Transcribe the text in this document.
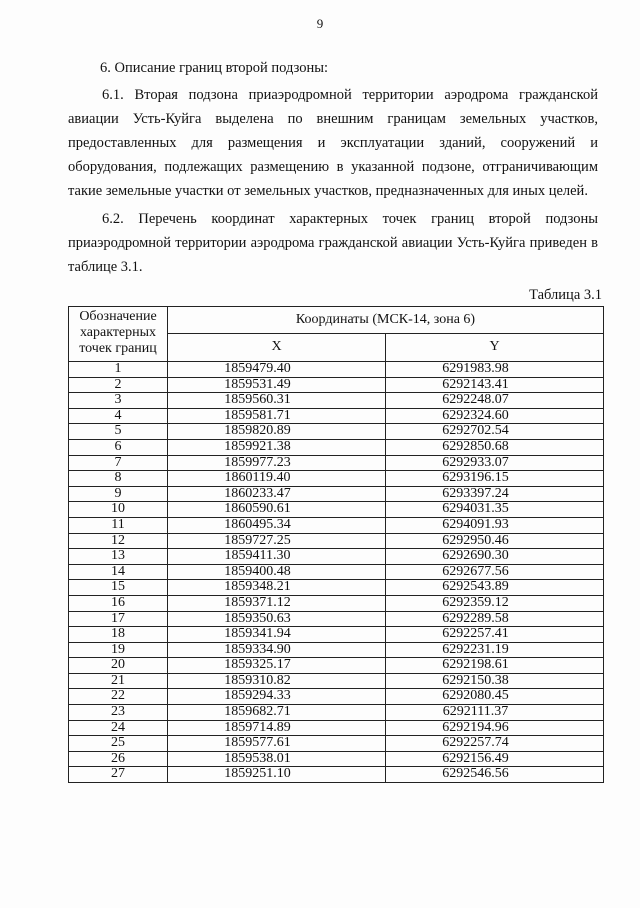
9
6. Описание границ второй подзоны:
6.1. Вторая подзона приаэродромной территории аэродрома гражданской авиации Усть-Куйга выделена по внешним границам земельных участков, предоставленных для размещения и эксплуатации зданий, сооружений и оборудования, подлежащих размещению в указанной подзоне, отграничивающим такие земельные участки от земельных участков, предназначенных для иных целей.
6.2. Перечень координат характерных точек границ второй подзоны приаэродромной территории аэродрома гражданской авиации Усть-Куйга приведен в таблице 3.1.
Таблица 3.1
Обозначение характерных точек границ	Координаты (МСК-14, зона 6)	
	X	Y
1	1859479.40	6291983.98
2	1859531.49	6292143.41
3	1859560.31	6292248.07
4	1859581.71	6292324.60
5	1859820.89	6292702.54
6	1859921.38	6292850.68
7	1859977.23	6292933.07
8	1860119.40	6293196.15
9	1860233.47	6293397.24
10	1860590.61	6294031.35
11	1860495.34	6294091.93
12	1859727.25	6292950.46
13	1859411.30	6292690.30
14	1859400.48	6292677.56
15	1859348.21	6292543.89
16	1859371.12	6292359.12
17	1859350.63	6292289.58
18	1859341.94	6292257.41
19	1859334.90	6292231.19
20	1859325.17	6292198.61
21	1859310.82	6292150.38
22	1859294.33	6292080.45
23	1859682.71	6292111.37
24	1859714.89	6292194.96
25	1859577.61	6292257.74
26	1859538.01	6292156.49
27	1859251.10	6292546.56
